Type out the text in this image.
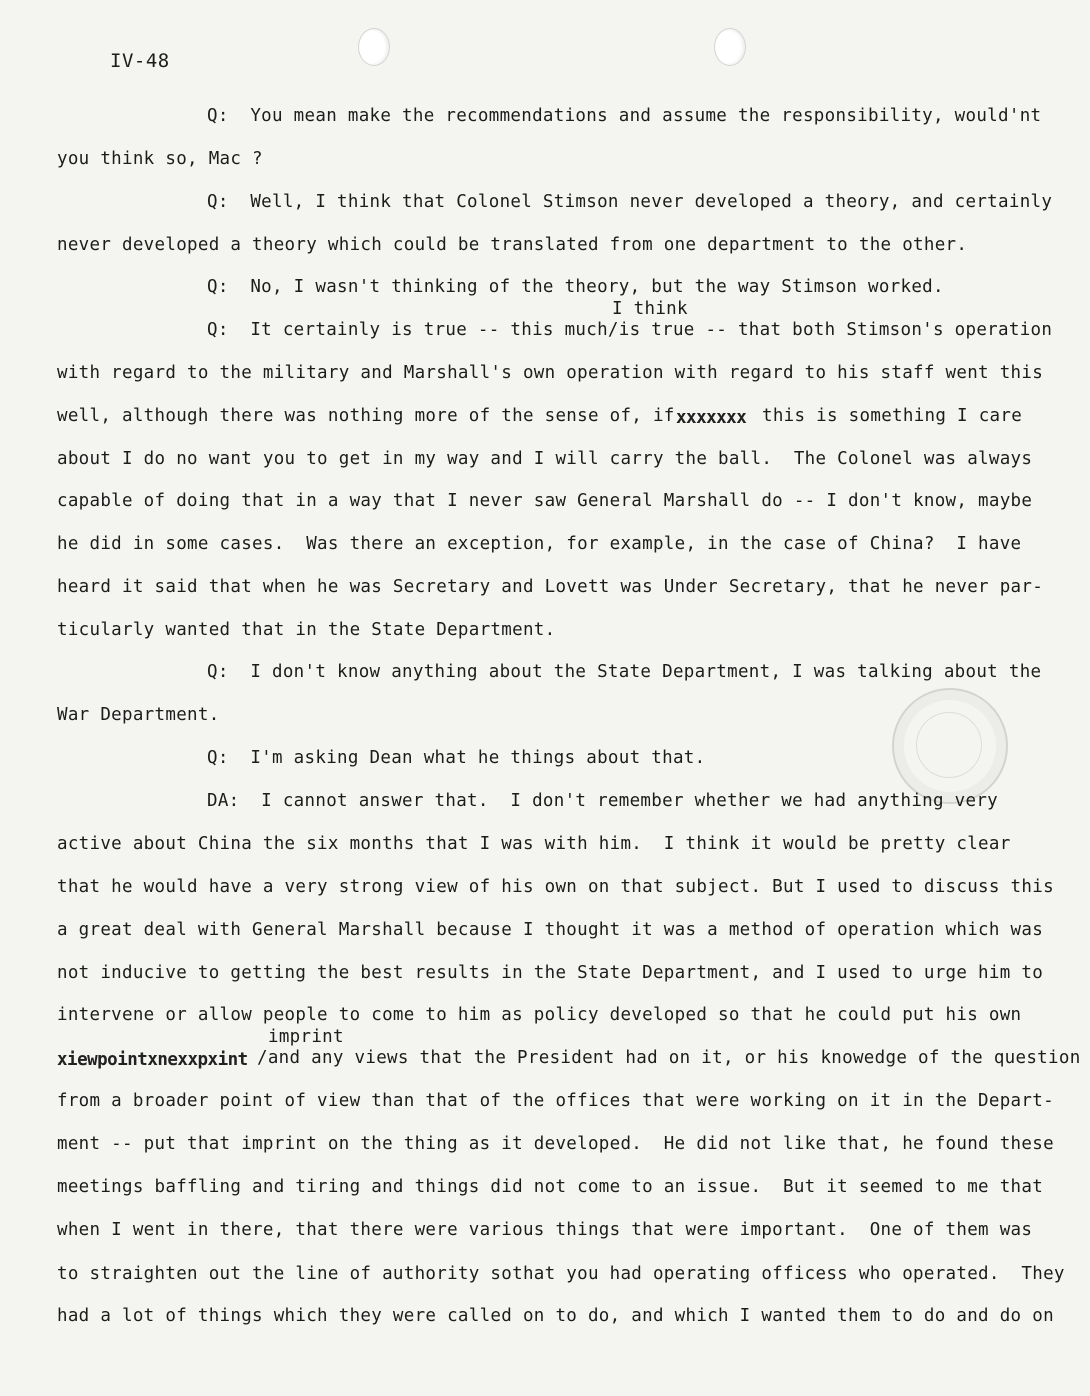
IV-48
Q:  You mean make the recommendations and assume the responsibility, would'nt
you think so, Mac ?
Q:  Well, I think that Colonel Stimson never developed a theory, and certainly
never developed a theory which could be translated from one department to the other.
Q:  No, I wasn't thinking of the theory, but the way Stimson worked.
I think
Q:  It certainly is true -- this much/is true -- that both Stimson's operation
with regard to the military and Marshall's own operation with regard to his staff went this
well, although there was nothing more of the sense of, if xxxxxxx this is something I care
about I do no want you to get in my way and I will carry the ball.  The Colonel was always
capable of doing that in a way that I never saw General Marshall do -- I don't know, maybe
he did in some cases.  Was there an exception, for example, in the case of China?  I have
heard it said that when he was Secretary and Lovett was Under Secretary, that he never par-
ticularly wanted that in the State Department.
Q:  I don't know anything about the State Department, I was talking about the
War Department.
Q:  I'm asking Dean what he things about that.
DA:  I cannot answer that.  I don't remember whether we had anything very
active about China the six months that I was with him.  I think it would be pretty clear
that he would have a very strong view of his own on that subject. But I used to discuss this
a great deal with General Marshall because I thought it was a method of operation which was
not inducive to getting the best results in the State Department, and I used to urge him to
intervene or allow people to come to him as policy developed so that he could put his own
imprint
xiewpointxnexxpxint /and any views that the President had on it, or his knowedge of the question
from a broader point of view than that of the offices that were working on it in the Depart-
ment -- put that imprint on the thing as it developed.  He did not like that, he found these
meetings baffling and tiring and things did not come to an issue.  But it seemed to me that
when I went in there, that there were various things that were important.  One of them was
to straighten out the line of authority sothat you had operating officess who operated.  They
had a lot of things which they were called on to do, and which I wanted them to do and do on
